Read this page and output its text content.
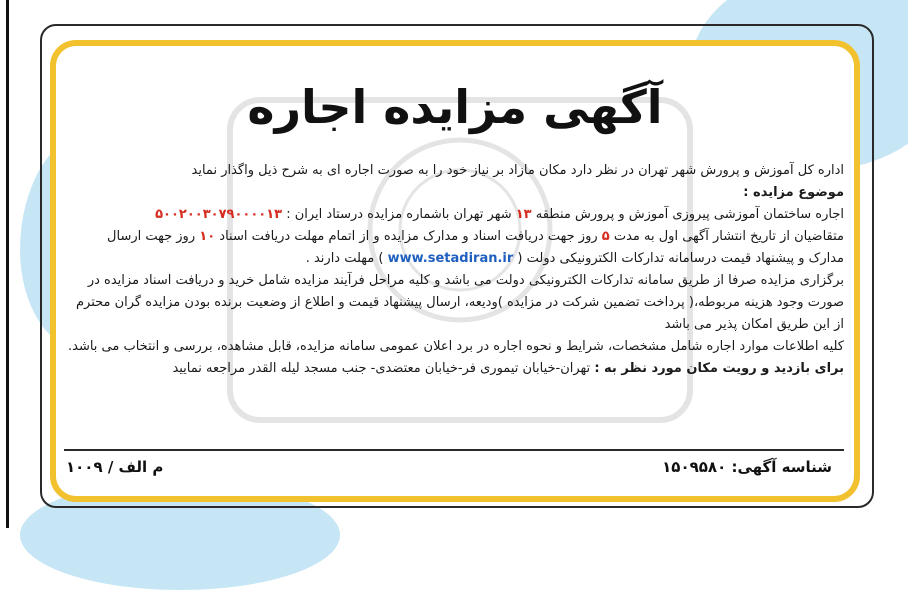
آگهی مزایده اجاره

اداره کل آموزش و پرورش شهر تهران در نظر دارد مکان مازاد بر نیاز خود را به صورت اجاره ای به شرح ذیل واگذار نماید

موضوع مزایده :

اجاره ساختمان آموزشی پیروزی آموزش و پرورش منطقه ۱۳ شهر تهران باشماره مزایده درستاد ایران : ۵۰۰۲۰۰۳۰۷۹۰۰۰۰۱۳

متقاضیان از تاریخ انتشار آگهی اول به مدت ۵ روز جهت دریافت اسناد و مدارک مزایده و از اتمام مهلت دریافت اسناد ۱۰ روز جهت ارسال

مدارک و پیشنهاد قیمت درسامانه تدارکات الکترونیکی دولت ( www.setadiran.ir ) مهلت دارند .

برگزاری مزایده صرفا از طریق سامانه تدارکات الکترونیکی دولت می باشد و کلیه مراحل فرآیند مزایده شامل خرید و دریافت اسناد مزایده در صورت وجود هزینه مربوطه،( پرداخت تضمین شرکت در مزایده )ودیعه، ارسال پیشنهاد قیمت و اطلاع از وضعیت برنده بودن مزایده گران محترم از این طریق امکان پذیر می باشد

کلیه اطلاعات موارد اجاره شامل مشخصات، شرایط و نحوه اجاره در برد اعلان عمومی سامانه مزایده، قابل مشاهده، بررسی و انتخاب می باشد.

برای بازدید و رویت مکان مورد نظر به : تهران-خیابان تیموری فر-خیابان معتضدی- جنب مسجد لیله القدر مراجعه نمایید

شناسه آگهی: ۱۵۰۹۵۸۰
م الف / ۱۰۰۹
